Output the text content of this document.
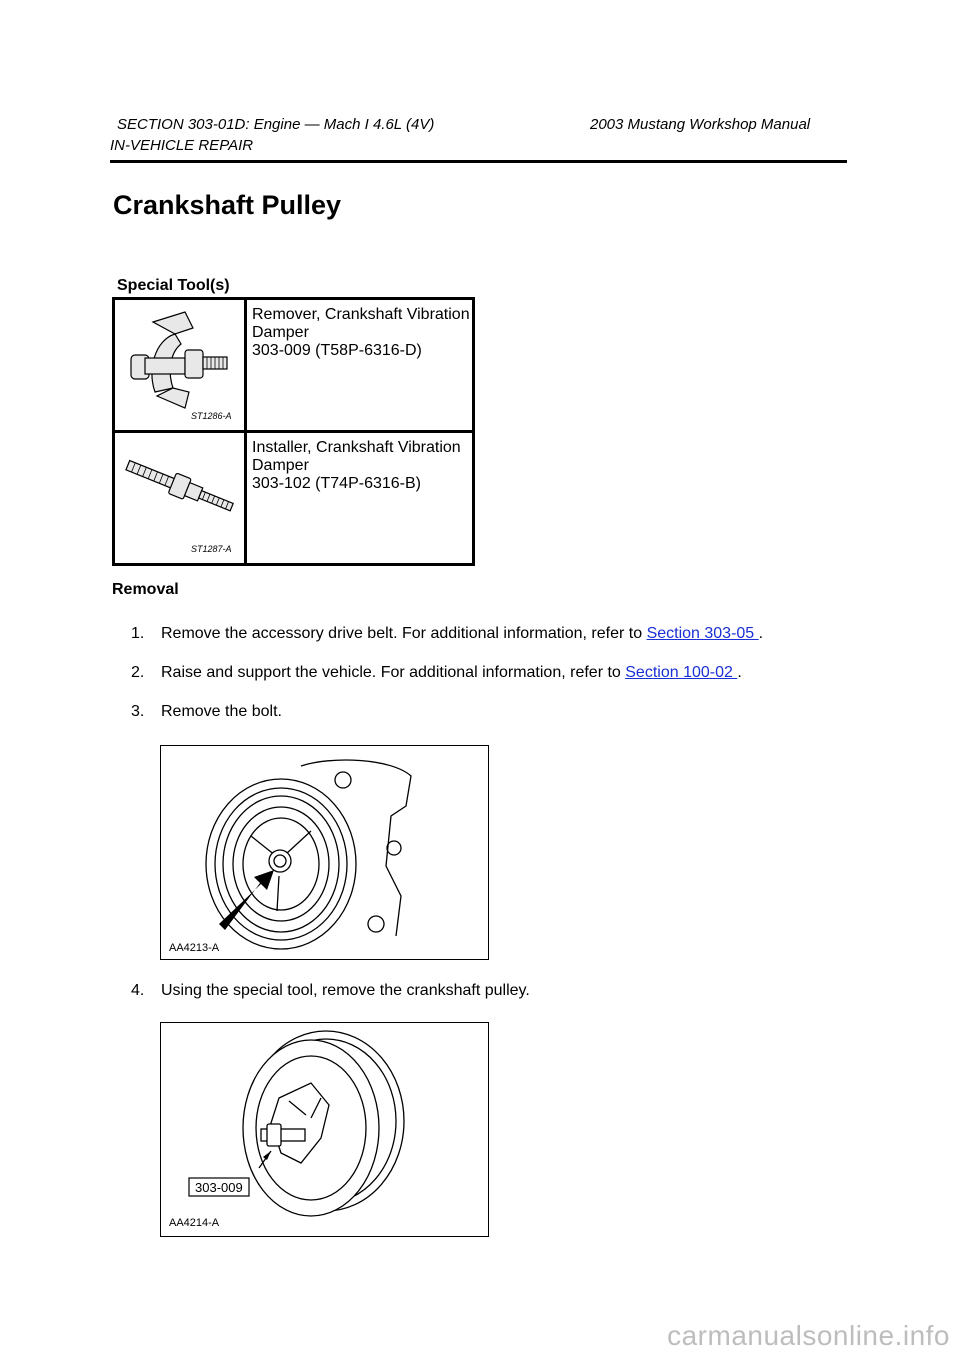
SECTION 303-01D: Engine — Mach I 4.6L (4V)	2003 Mustang Workshop Manual
IN-VEHICLE REPAIR
Crankshaft Pulley
Special Tool(s)
ST1286-A	Remover, Crankshaft Vibration
Damper
303-009 (T58P-6316-D)

ST1287-A	Installer, Crankshaft Vibration
Damper
303-102 (T74P-6316-B)
Removal
1. Remove the accessory drive belt. For additional information, refer to Section 303-05 .
2. Raise and support the vehicle. For additional information, refer to Section 100-02 .
3. Remove the bolt.
AA4213-A
4. Using the special tool, remove the crankshaft pulley.
303-009
AA4214-A
carmanualsonline.info
